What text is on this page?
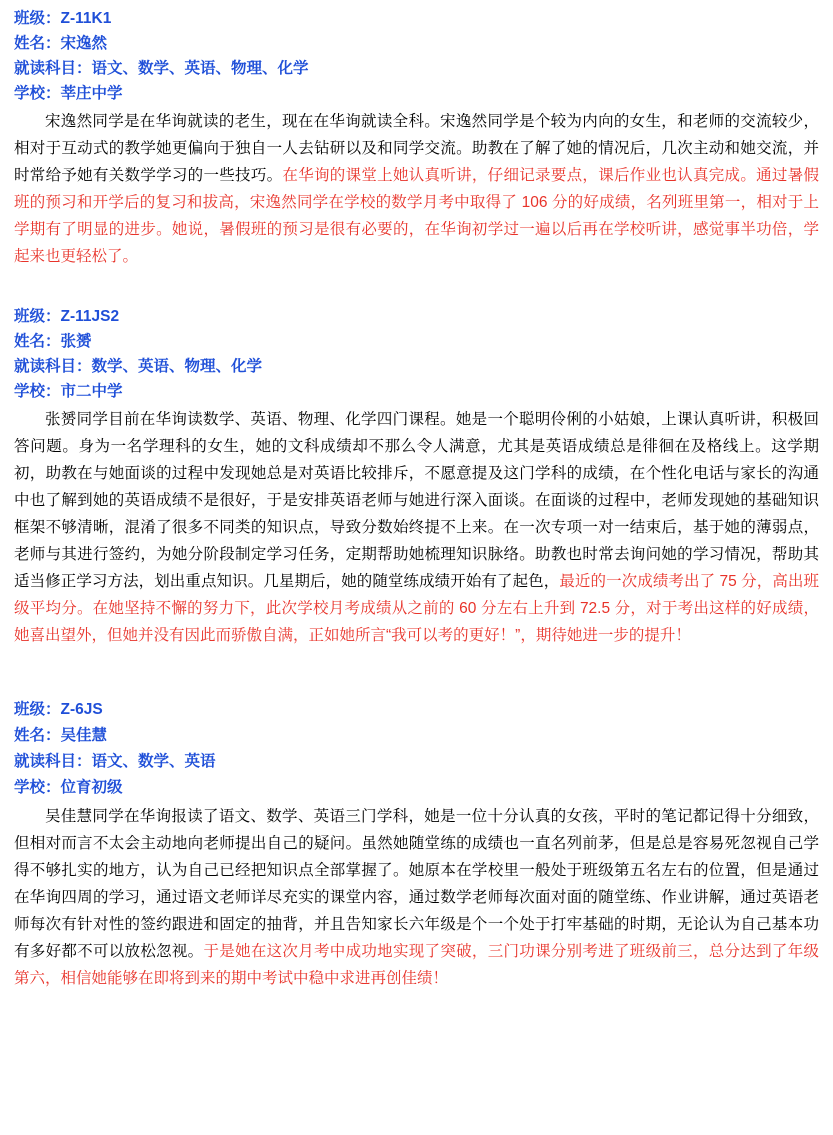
班级：Z-11K1
姓名：宋逸然
就读科目：语文、数学、英语、物理、化学
学校：莘庄中学

宋逸然同学是在华询就读的老生，现在在华询就读全科。宋逸然同学是个较为内向的女生，和老师的交流较少，相对于互动式的教学她更偏向于独自一人去钻研以及和同学交流。助教在了解了她的情况后，几次主动和她交流，并时常给予她有关数学学习的一些技巧。在华询的课堂上她认真听讲，仔细记录要点，课后作业也认真完成。通过暑假班的预习和开学后的复习和拔高，宋逸然同学在学校的数学月考中取得了 106 分的好成绩，名列班里第一，相对于上学期有了明显的进步。她说，暑假班的预习是很有必要的，在华询初学过一遍以后再在学校听讲，感觉事半功倍，学起来也更轻松了。

班级：Z-11JS2
姓名：张赟
就读科目：数学、英语、物理、化学
学校：市二中学

张赟同学目前在华询读数学、英语、物理、化学四门课程。她是一个聪明伶俐的小姑娘，上课认真听讲，积极回答问题。身为一名学理科的女生，她的文科成绩却不那么令人满意，尤其是英语成绩总是徘徊在及格线上。这学期初，助教在与她面谈的过程中发现她总是对英语比较排斥，不愿意提及这门学科的成绩，在个性化电话与家长的沟通中也了解到她的英语成绩不是很好，于是安排英语老师与她进行深入面谈。在面谈的过程中，老师发现她的基础知识框架不够清晰，混淆了很多不同类的知识点，导致分数始终提不上来。在一次专项一对一结束后，基于她的薄弱点，老师与其进行签约，为她分阶段制定学习任务，定期帮助她梳理知识脉络。助教也时常去询问她的学习情况，帮助其适当修正学习方法，划出重点知识。几星期后，她的随堂练成绩开始有了起色，最近的一次成绩考出了 75 分，高出班级平均分。在她坚持不懈的努力下，此次学校月考成绩从之前的 60 分左右上升到 72.5 分，对于考出这样的好成绩，她喜出望外，但她并没有因此而骄傲自满，正如她所言“我可以考的更好！”，期待她进一步的提升！

班级：Z-6JS
姓名：吴佳慧
就读科目：语文、数学、英语
学校：位育初级

吴佳慧同学在华询报读了语文、数学、英语三门学科，她是一位十分认真的女孩，平时的笔记都记得十分细致，但相对而言不太会主动地向老师提出自己的疑问。虽然她随堂练的成绩也一直名列前茅，但是总是容易死忽视自己学得不够扎实的地方，认为自己已经把知识点全部掌握了。她原本在学校里一般处于班级第五名左右的位置，但是通过在华询四周的学习，通过语文老师详尽充实的课堂内容，通过数学老师每次面对面的随堂练、作业讲解，通过英语老师每次有针对性的签约跟进和固定的抽背，并且告知家长六年级是个一个处于打牢基础的时期，无论认为自己基本功有多好都不可以放松忽视。于是她在这次月考中成功地实现了突破，三门功课分别考进了班级前三，总分达到了年级第六，相信她能够在即将到来的期中考试中稳中求进再创佳绩！
